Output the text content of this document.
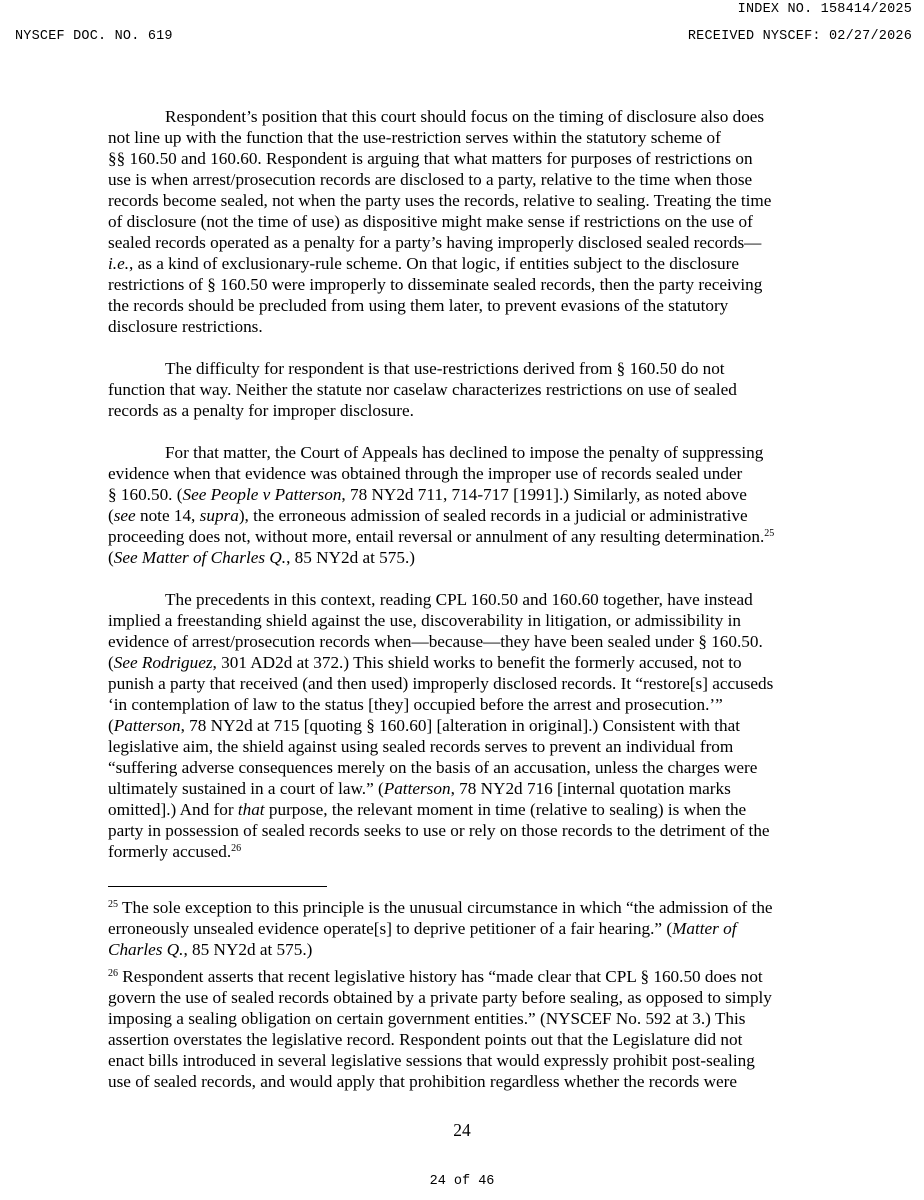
INDEX NO. 158414/2025
NYSCEF DOC. NO. 619	RECEIVED NYSCEF: 02/27/2026
Respondent’s position that this court should focus on the timing of disclosure also does
not line up with the function that the use-restriction serves within the statutory scheme of
§§ 160.50 and 160.60. Respondent is arguing that what matters for purposes of restrictions on
use is when arrest/prosecution records are disclosed to a party, relative to the time when those
records become sealed, not when the party uses the records, relative to sealing. Treating the time
of disclosure (not the time of use) as dispositive might make sense if restrictions on the use of
sealed records operated as a penalty for a party’s having improperly disclosed sealed records—
i.e., as a kind of exclusionary-rule scheme. On that logic, if entities subject to the disclosure
restrictions of § 160.50 were improperly to disseminate sealed records, then the party receiving
the records should be precluded from using them later, to prevent evasions of the statutory
disclosure restrictions.
The difficulty for respondent is that use-restrictions derived from § 160.50 do not
function that way. Neither the statute nor caselaw characterizes restrictions on use of sealed
records as a penalty for improper disclosure.
For that matter, the Court of Appeals has declined to impose the penalty of suppressing
evidence when that evidence was obtained through the improper use of records sealed under
§ 160.50. (See People v Patterson, 78 NY2d 711, 714-717 [1991].) Similarly, as noted above
(see note 14, supra), the erroneous admission of sealed records in a judicial or administrative
proceeding does not, without more, entail reversal or annulment of any resulting determination.$^{25}$
(See Matter of Charles Q., 85 NY2d at 575.)
The precedents in this context, reading CPL 160.50 and 160.60 together, have instead
implied a freestanding shield against the use, discoverability in litigation, or admissibility in
evidence of arrest/prosecution records when—because—they have been sealed under § 160.50.
(See Rodriguez, 301 AD2d at 372.) This shield works to benefit the formerly accused, not to
punish a party that received (and then used) improperly disclosed records. It “restore[s] accuseds
‘in contemplation of law to the status [they] occupied before the arrest and prosecution.’”
(Patterson, 78 NY2d at 715 [quoting § 160.60] [alteration in original].) Consistent with that
legislative aim, the shield against using sealed records serves to prevent an individual from
“suffering adverse consequences merely on the basis of an accusation, unless the charges were
ultimately sustained in a court of law.” (Patterson, 78 NY2d 716 [internal quotation marks
omitted].) And for that purpose, the relevant moment in time (relative to sealing) is when the
party in possession of sealed records seeks to use or rely on those records to the detriment of the
formerly accused.$^{26}$
$^{25}$ The sole exception to this principle is the unusual circumstance in which “the admission of the
erroneously unsealed evidence operate[s] to deprive petitioner of a fair hearing.” (Matter of
Charles Q., 85 NY2d at 575.)
$^{26}$ Respondent asserts that recent legislative history has “made clear that CPL § 160.50 does not
govern the use of sealed records obtained by a private party before sealing, as opposed to simply
imposing a sealing obligation on certain government entities.” (NYSCEF No. 592 at 3.) This
assertion overstates the legislative record. Respondent points out that the Legislature did not
enact bills introduced in several legislative sessions that would expressly prohibit post-sealing
use of sealed records, and would apply that prohibition regardless whether the records were
24
24 of 46
